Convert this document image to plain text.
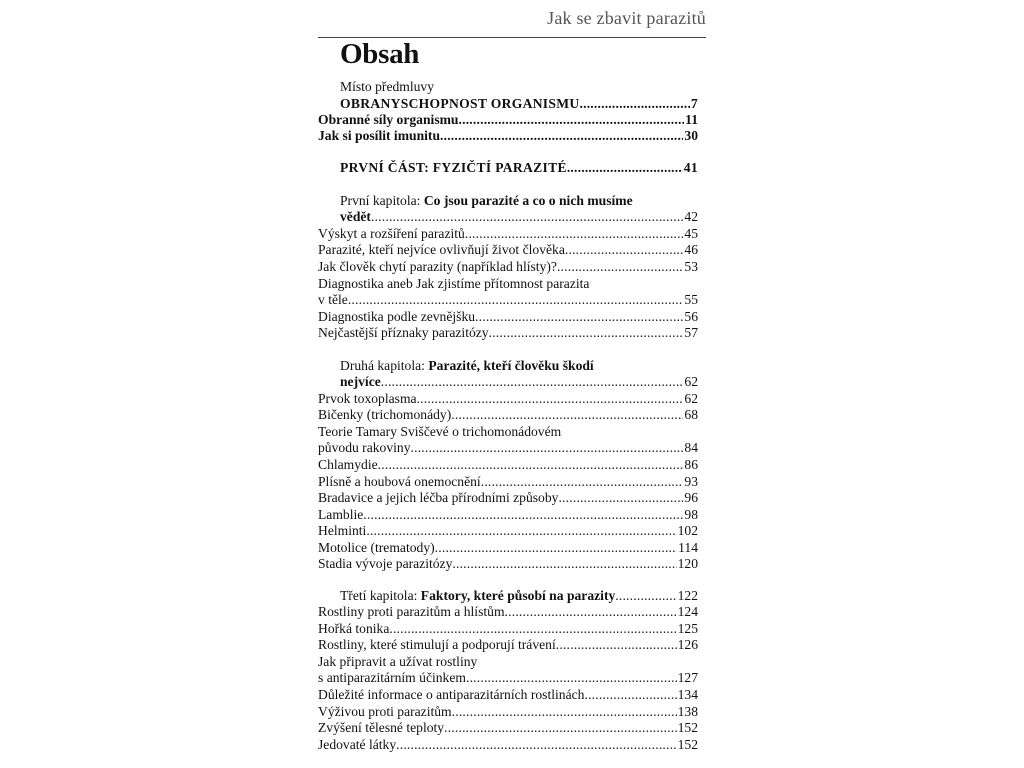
Jak se zbavit parazitů
Obsah
Místo předmluvy
OBRANYSCHOPNOST ORGANISMU .....	7
Obranné síly organismu .....	11
Jak si posílit imunitu .....	30
PRVNÍ ČÁST: FYZIČTÍ PARAZITÉ .....	41
První kapitola: Co jsou parazité a co o nich musíme
vědět .....	42
Výskyt a rozšíření parazitů .....	45
Parazité, kteří nejvíce ovlivňují život člověka .....	46
Jak člověk chytí parazity (například hlísty)? .....	53
Diagnostika aneb Jak zjistíme přítomnost parazita
v těle .....	55
Diagnostika podle zevnějšku .....	56
Nejčastější příznaky parazitózy .....	57
Druhá kapitola: Parazité, kteří člověku škodí
nejvíce .....	62
Prvok toxoplasma .....	62
Bičenky (trichomonády) .....	68
Teorie Tamary Sviščevé o trichomonádovém
původu rakoviny .....	84
Chlamydie .....	86
Plísně a houbová onemocnění .....	93
Bradavice a jejich léčba přírodními způsoby .....	96
Lamblie .....	98
Helminti .....	102
Motolice (trematody) .....	114
Stadia vývoje parazitózy .....	120
Třetí kapitola: Faktory, které působí na parazity .....	122
Rostliny proti parazitům a hlístům .....	124
Hořká tonika .....	125
Rostliny, které stimulují a podporují trávení .....	126
Jak připravit a užívat rostliny
s antiparazitárním účinkem .....	127
Důležité informace o antiparazitárních rostlinách .....	134
Výživou proti parazitům .....	138
Zvýšení tělesné teploty .....	152
Jedovaté látky .....	152
